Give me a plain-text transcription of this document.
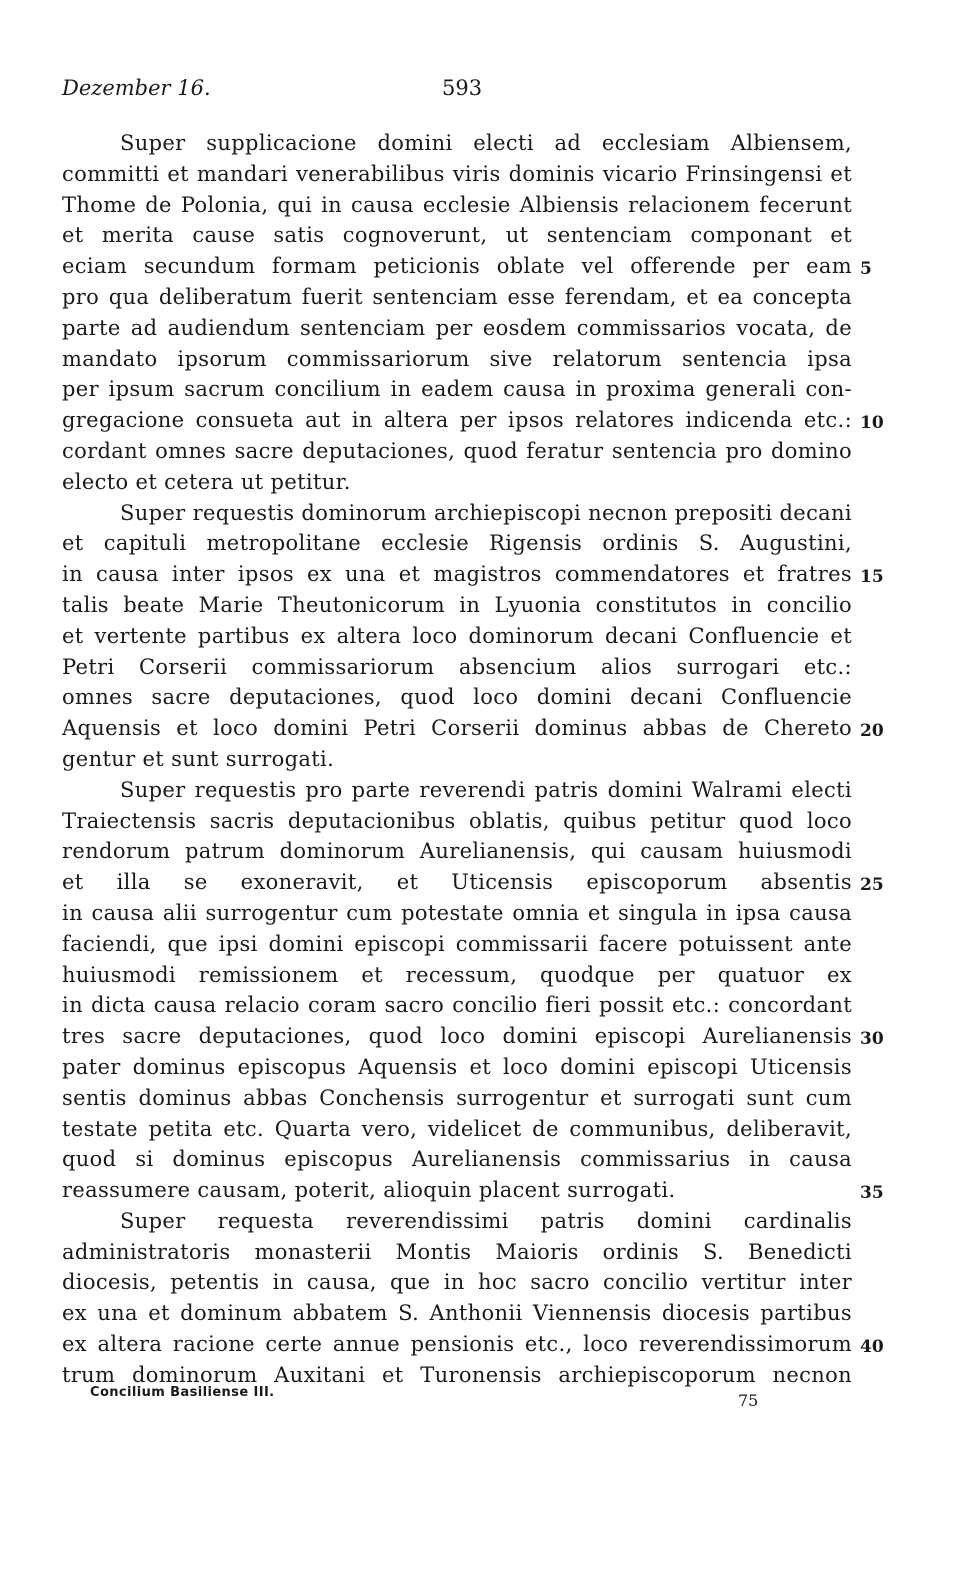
Dezember 16.	593
Super supplicacione domini electi ad ecclesiam Albiensem,
committi et mandari venerabilibus viris dominis vicario Frinsingensi et
Thome de Polonia, qui in causa ecclesie Albiensis relacionem fecerunt
et merita cause satis cognoverunt, ut sentenciam componant et
eciam secundum formam peticionis oblate vel offerende per eam
pro qua deliberatum fuerit sentenciam esse ferendam, et ea concepta
parte ad audiendum sentenciam per eosdem commissarios vocata, de
mandato ipsorum commissariorum sive relatorum sentencia ipsa
per ipsum sacrum concilium in eadem causa in proxima generali con-
gregacione consueta aut in altera per ipsos relatores indicenda etc.:
cordant omnes sacre deputaciones, quod feratur sentencia pro domino
electo et cetera ut petitur.
Super requestis dominorum archiepiscopi necnon prepositi decani
et capituli metropolitane ecclesie Rigensis ordinis S. Augustini,
in causa inter ipsos ex una et magistros commendatores et fratres
talis beate Marie Theutonicorum in Lyuonia constitutos in concilio
et vertente partibus ex altera loco dominorum decani Confluencie et
Petri Corserii commissariorum absencium alios surrogari etc.:
omnes sacre deputaciones, quod loco domini decani Confluencie
Aquensis et loco domini Petri Corserii dominus abbas de Chereto
gentur et sunt surrogati.
Super requestis pro parte reverendi patris domini Walrami electi
Traiectensis sacris deputacionibus oblatis, quibus petitur quod loco
rendorum patrum dominorum Aurelianensis, qui causam huiusmodi
et illa se exoneravit, et Uticensis episcoporum absentis
in causa alii surrogentur cum potestate omnia et singula in ipsa causa
faciendi, que ipsi domini episcopi commissarii facere potuissent ante
huiusmodi remissionem et recessum, quodque per quatuor ex
in dicta causa relacio coram sacro concilio fieri possit etc.: concordant
tres sacre deputaciones, quod loco domini episcopi Aurelianensis
pater dominus episcopus Aquensis et loco domini episcopi Uticensis
sentis dominus abbas Conchensis surrogentur et surrogati sunt cum
testate petita etc. Quarta vero, videlicet de communibus, deliberavit,
quod si dominus episcopus Aurelianensis commissarius in causa
reassumere causam, poterit, alioquin placent surrogati.
Super requesta reverendissimi patris domini cardinalis
administratoris monasterii Montis Maioris ordinis S. Benedicti
diocesis, petentis in causa, que in hoc sacro concilio vertitur inter
ex una et dominum abbatem S. Anthonii Viennensis diocesis partibus
ex altera racione certe annue pensionis etc., loco reverendissimorum
trum dominorum Auxitani et Turonensis archiepiscoporum necnon
5
10
15
20
25
30
35
40
Concilium Basiliense III.	75
